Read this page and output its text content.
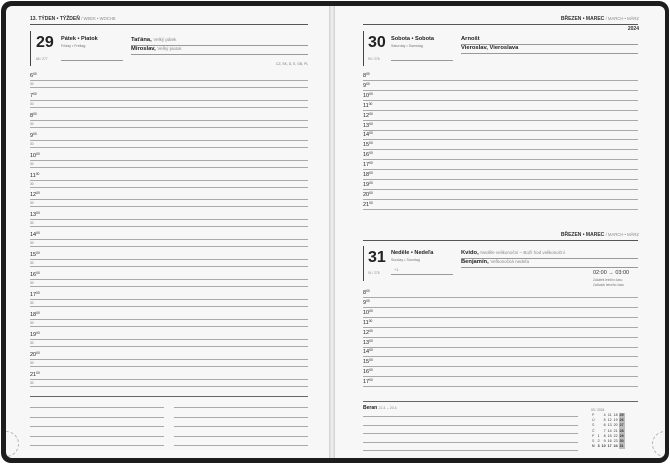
13. TÝDEN • TÝŽDEŇ / WEEK • WOCHE
29 Pátek • Piatok
Friday • Freitag
88 / 277
Taťána, Velký pátek
Miroslav, Veľký piatok
CZ, SK, D, E, GB, PL
$6^{00}$
30
$7^{00}$
30
$8^{00}$
30
$9^{00}$
30
$10^{00}$
30
$11^{00}$
30
$12^{00}$
30
$13^{00}$
30
$14^{00}$
30
$15^{00}$
30
$16^{00}$
30
$17^{00}$
30
$18^{00}$
30
$19^{00}$
30
$20^{00}$
30
$21^{00}$
30
BŘEZEN • MAREC / MARCH • MÄRZ
2024
30 Sobota • Sobota
Saturday • Samstag
90 / 276
Arnošt
Vieroslav, Vieroslava
$8^{00}$
$9^{00}$
$10^{00}$
$11^{00}$
$12^{00}$
$13^{00}$
$14^{00}$
$15^{00}$
$16^{00}$
$17^{00}$
$18^{00}$
$19^{00}$
$20^{00}$
$21^{00}$
BŘEZEN • MAREC / MARCH • MÄRZ
31 Neděle • Nedeľa
Sunday • Sonntag
91 / 275
+1
Kvido, Neděle velikonoční – Boží hod velikonoční
Benjamín, Veľkonočná nedeľa
02:00 → 03:00
Začátek letního času
Začiatok letného času
$8^{00}$
$9^{00}$
$10^{00}$
$11^{00}$
$12^{00}$
$13^{00}$
$14^{00}$
$15^{00}$
$16^{00}$
$17^{00}$
Beran 21.3. – 20.4.	03 / 2024
P		4	11	18	25
Ú		5	12	19	26
S		6	13	20	27
Č		7	14	21	28
P	1	8	15	22	29
S	2	9	16	23	30
N	3	10	17	24	31
